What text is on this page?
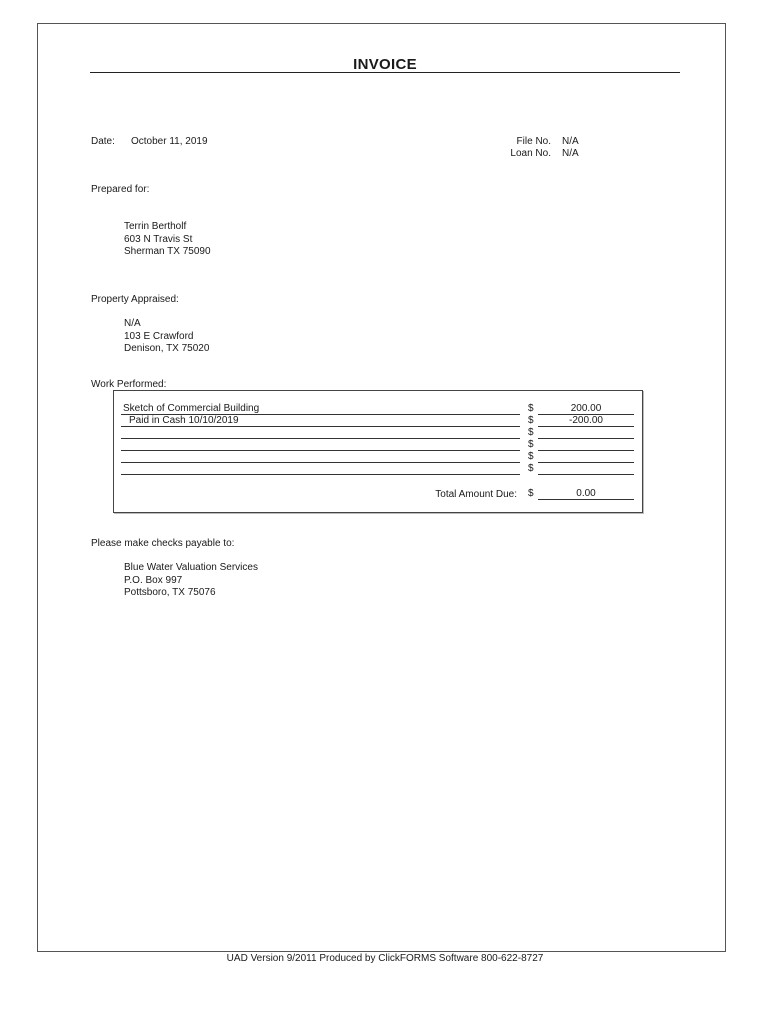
INVOICE
Date: October 11, 2019	File No. N/A
Loan No. N/A
Prepared for:
Terrin Bertholf
603 N Travis St
Sherman TX 75090
Property Appraised:
N/A
103 E Crawford
Denison, TX 75020
Work Performed:
Sketch of Commercial Building	$	200.00
Paid in Cash 10/10/2019	$	-200.00
$
$
$
$
Total Amount Due: $	0.00
Please make checks payable to:
Blue Water Valuation Services
P.O. Box 997
Pottsboro, TX 75076
UAD Version 9/2011 Produced by ClickFORMS Software 800-622-8727
